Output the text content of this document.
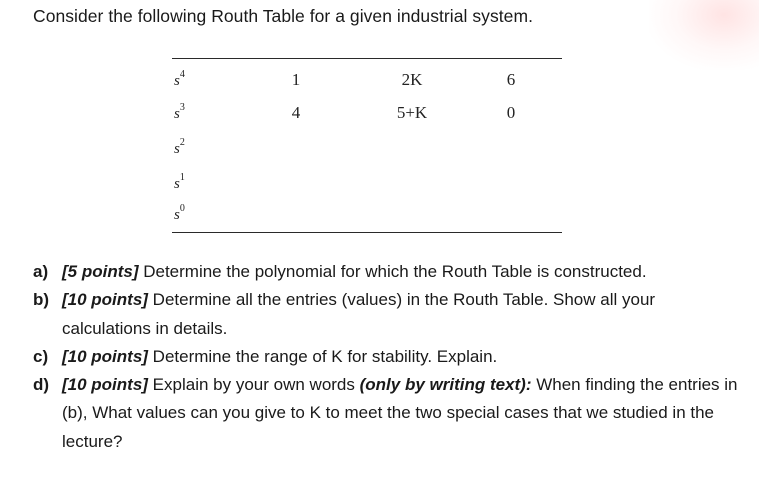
Consider the following Routh Table for a given industrial system.
$s^4$	1	2K	6
$s^3$	4	5+K	0
$s^2$
$s^1$
$s^0$
a) [5 points] Determine the polynomial for which the Routh Table is constructed.
b) [10 points] Determine all the entries (values) in the Routh Table. Show all your calculations in details.
c) [10 points] Determine the range of K for stability. Explain.
d) [10 points] Explain by your own words (only by writing text): When finding the entries in (b), What values can you give to K to meet the two special cases that we studied in the lecture?
